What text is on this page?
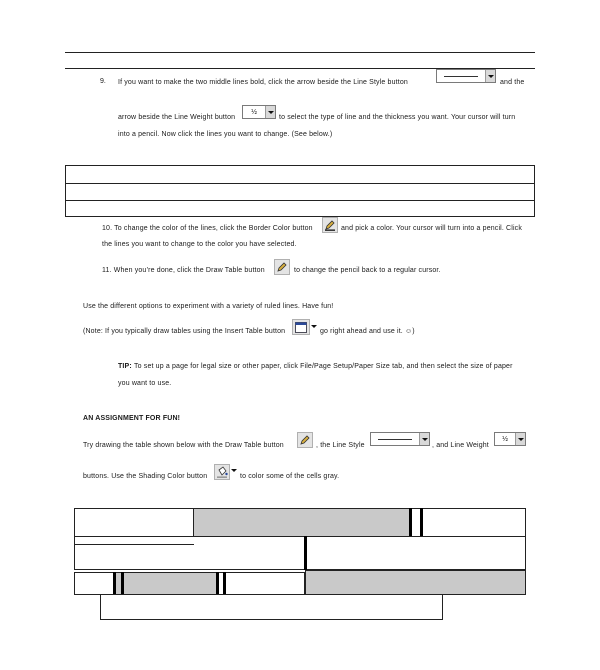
9. If you want to make the two middle lines bold, click the arrow beside the Line Style button	and the
arrow beside the Line Weight button
½
to select the type of line and the thickness you want. Your cursor will turn
into a pencil. Now click the lines you want to change. (See below.)
10. To change the color of the lines, click the Border Color button	and pick a color. Your cursor will turn into a pencil. Click
the lines you want to change to the color you have selected.
11. When you’re done, click the Draw Table button	to change the pencil back to a regular cursor.
Use the different options to experiment with a variety of ruled lines. Have fun!
(Note: If you typically draw tables using the Insert Table button	go right ahead and use it. ☺)
TIP: To set up a page for legal size or other paper, click File/Page Setup/Paper Size tab, and then select the size of paper
you want to use.
AN ASSIGNMENT FOR FUN!
Try drawing the table shown below with the Draw Table button	, the Line Style	, and Line Weight
½
buttons. Use the Shading Color button	to color some of the cells gray.
